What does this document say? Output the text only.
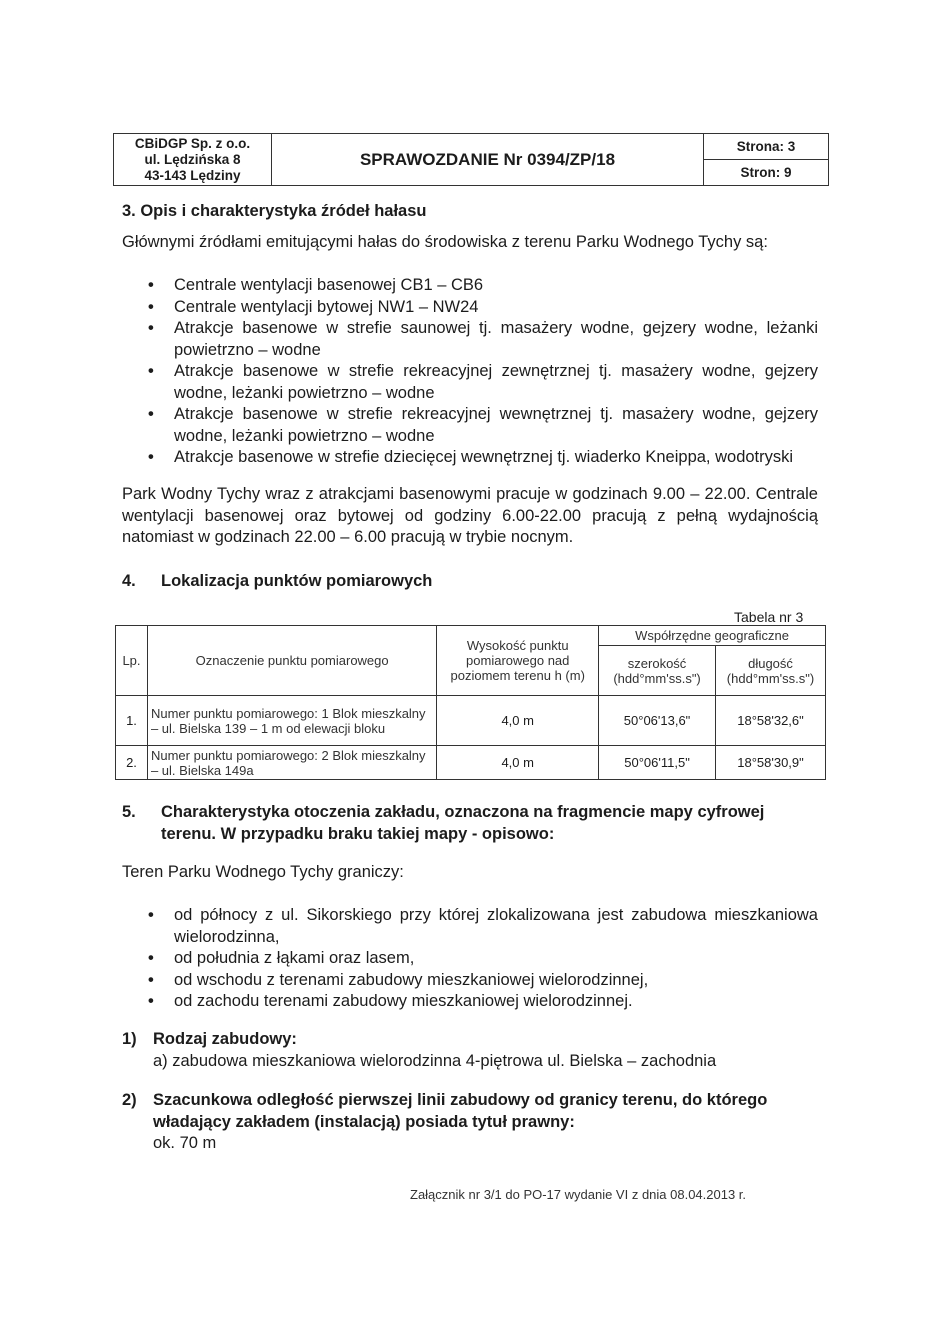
CBiDGP Sp. z o.o.
ul. Lędzińska 8
43-143 Lędziny
SPRAWOZDANIE Nr 0394/ZP/18
Strona: 3
Stron: 9
3. Opis i charakterystyka źródeł hałasu
Głównymi źródłami emitującymi hałas do środowiska z terenu Parku Wodnego Tychy są:
• Centrale wentylacji basenowej CB1 – CB6
• Centrale wentylacji bytowej NW1 – NW24
• Atrakcje basenowe w strefie saunowej tj. masażery wodne, gejzery wodne, leżanki powietrzno – wodne
• Atrakcje basenowe w strefie rekreacyjnej zewnętrznej tj. masażery wodne, gejzery wodne, leżanki powietrzno – wodne
• Atrakcje basenowe w strefie rekreacyjnej wewnętrznej tj. masażery wodne, gejzery wodne, leżanki powietrzno – wodne
• Atrakcje basenowe w strefie dziecięcej wewnętrznej tj. wiaderko Kneippa, wodotryski
Park Wodny Tychy wraz z atrakcjami basenowymi pracuje w godzinach 9.00 – 22.00. Centrale wentylacji basenowej oraz bytowej od godziny 6.00-22.00 pracują z pełną wydajnością natomiast w godzinach 22.00 – 6.00 pracują w trybie nocnym.
4. Lokalizacja punktów pomiarowych
Tabela nr 3
Lp.	Oznaczenie punktu pomiarowego	Wysokość punktu pomiarowego nad poziomem terenu h (m)	Współrzędne geograficzne	
			szerokość (hdd°mm'ss.s")	długość (hdd°mm'ss.s")
1.	Numer punktu pomiarowego: 1 Blok mieszkalny – ul. Bielska 139 – 1 m od elewacji bloku	4,0 m	50°06'13,6"	18°58'32,6"
2.	Numer punktu pomiarowego: 2 Blok mieszkalny – ul. Bielska 149a	4,0 m	50°06'11,5"	18°58'30,9"
5. Charakterystyka otoczenia zakładu, oznaczona na fragmencie mapy cyfrowej terenu. W przypadku braku takiej mapy - opisowo:
Teren Parku Wodnego Tychy graniczy:
• od północy z ul. Sikorskiego przy której zlokalizowana jest zabudowa mieszkaniowa wielorodzinna,
• od południa z łąkami oraz lasem,
• od wschodu z terenami zabudowy mieszkaniowej wielorodzinnej,
• od zachodu terenami zabudowy mieszkaniowej wielorodzinnej.
1) Rodzaj zabudowy:
a) zabudowa mieszkaniowa wielorodzinna 4-piętrowa ul. Bielska – zachodnia
2) Szacunkowa odległość pierwszej linii zabudowy od granicy terenu, do którego władający zakładem (instalacją) posiada tytuł prawny:
ok. 70 m
Załącznik nr 3/1 do PO-17 wydanie VI z dnia 08.04.2013 r.
